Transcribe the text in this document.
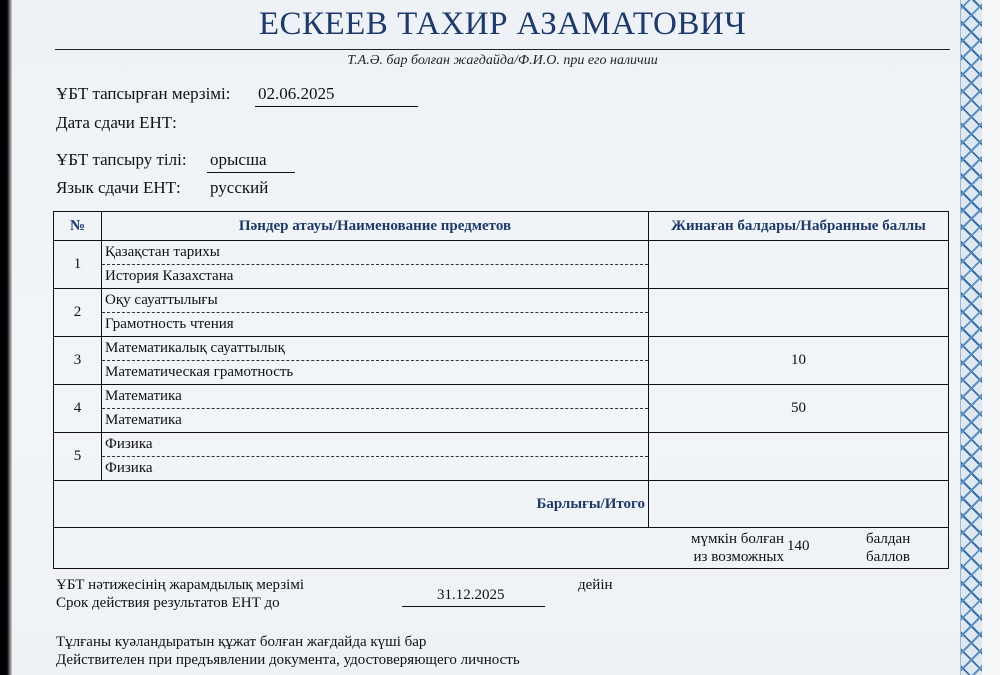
ЕСКЕЕВ ТАХИР АЗАМАТОВИЧ
Т.А.Ә. бар болған жағдайда/Ф.И.О. при его наличии
ҰБТ тапсырған мерзімі: 02.06.2025
Дата сдачи ЕНТ:
ҰБТ тапсыру тілі: орысша
Язык сдачи ЕНТ: русский
№	Пәндер атауы/Наименование предметов	Жинаған балдары/Набранные баллы
1	Қазақстан тарихы
История Казахстана	

2	Оқу сауаттылығы
Грамотность чтения	

3	Математикалық сауаттылық
Математическая грамотность	10
4	Математика
Математика	50
5	Физика
Физика	

Барлығы/Итого		

мүмкін болған
из возможных
140 балдан
баллов		
ҰБТ нәтижесінің жарамдылық мерзімі
Срок действия результатов ЕНТ до	31.12.2025
дейін
Тұлғаны куәландыратын құжат болған жағдайда күші бар
Действителен при предъявлении документа, удостоверяющего личность
